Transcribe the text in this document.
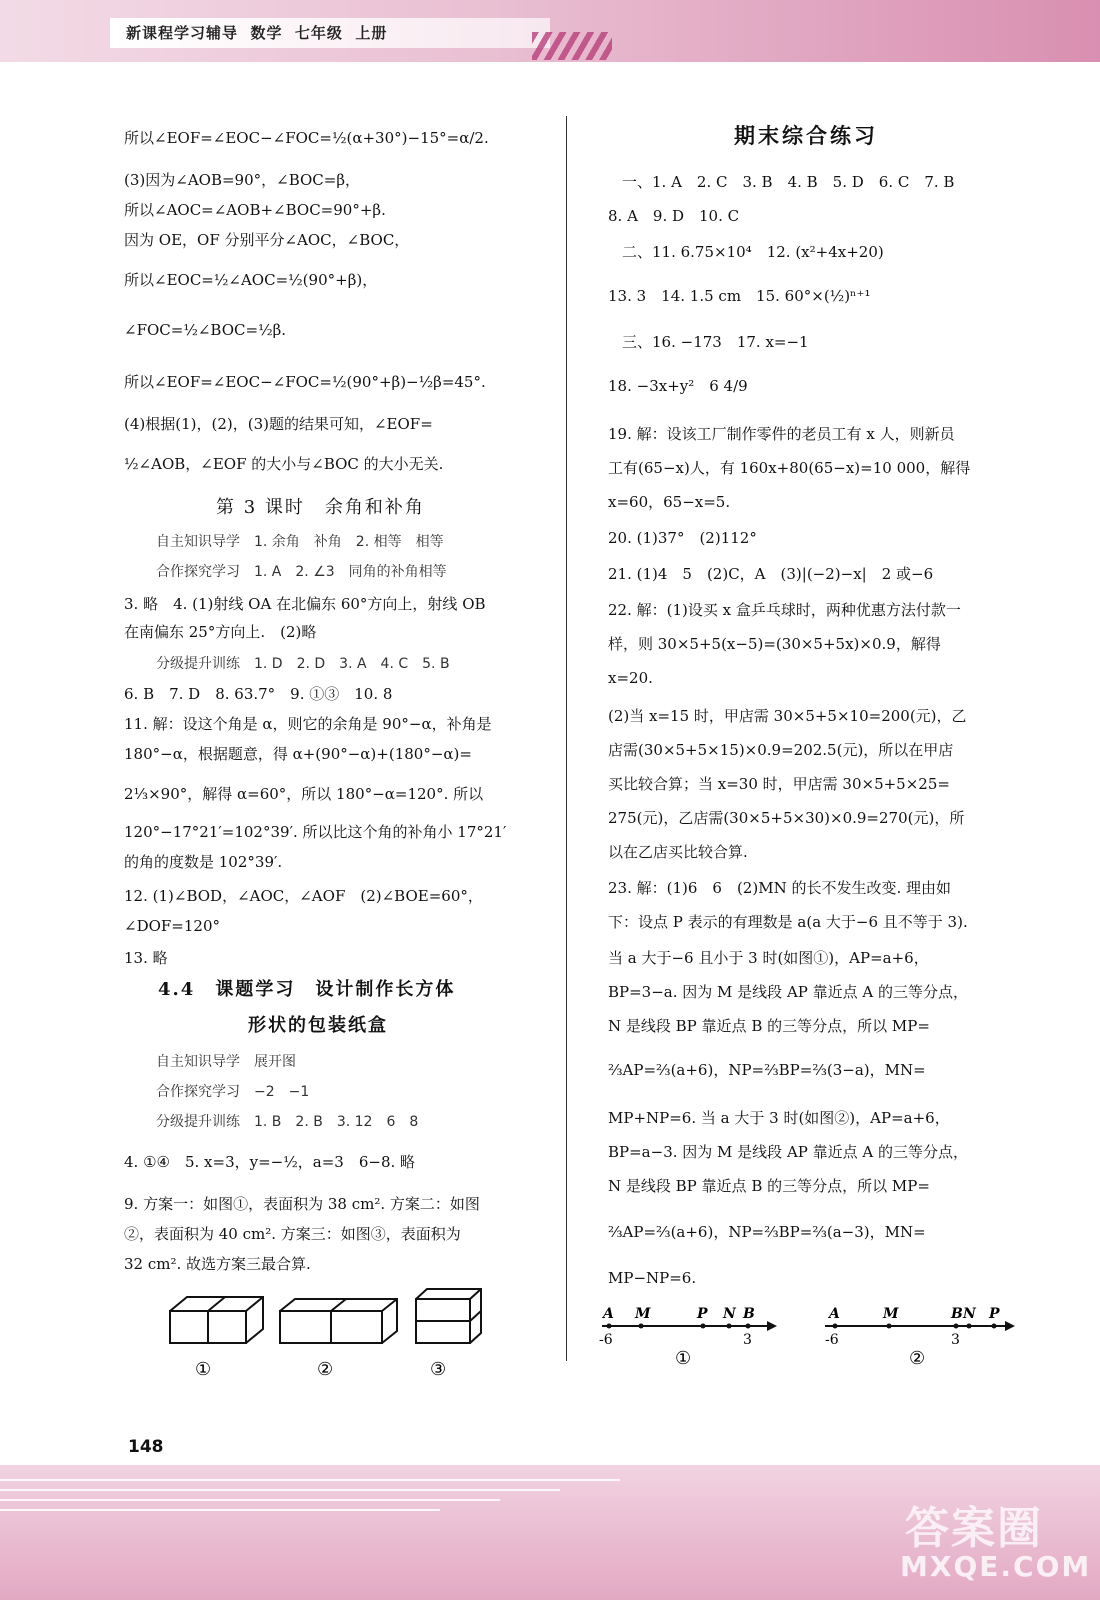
新课程学习辅导  数学  七年级  上册
所以∠EOF=∠EOC−∠FOC=½(α+30°)−15°=α/2.
(3)因为∠AOB=90°，∠BOC=β，
所以∠AOC=∠AOB+∠BOC=90°+β.
因为 OE，OF 分别平分∠AOC，∠BOC，
所以∠EOC=½∠AOC=½(90°+β)，
∠FOC=½∠BOC=½β.
所以∠EOF=∠EOC−∠FOC=½(90°+β)−½β=45°.
(4)根据(1)，(2)，(3)题的结果可知，∠EOF=
½∠AOB，∠EOF 的大小与∠BOC 的大小无关.
第 3 课时　余角和补角
自主知识导学　1. 余角　补角　2. 相等　相等
合作探究学习　1. A　2. ∠3　同角的补角相等
3. 略　4. (1)射线 OA 在北偏东 60°方向上，射线 OB
在南偏东 25°方向上.　(2)略
分级提升训练　1. D　2. D　3. A　4. C　5. B
6. B　7. D　8. 63.7°　9. ①③　10. 8
11. 解：设这个角是 α，则它的余角是 90°−α，补角是
180°−α，根据题意，得 α+(90°−α)+(180°−α)=
2⅓×90°，解得 α=60°，所以 180°−α=120°. 所以
120°−17°21′=102°39′. 所以比这个角的补角小 17°21′
的角的度数是 102°39′.
12. (1)∠BOD，∠AOC，∠AOF　(2)∠BOE=60°，
∠DOF=120°
13. 略
4.4　课题学习　设计制作长方体
形状的包装纸盒
自主知识导学　展开图
合作探究学习　−2　−1
分级提升训练　1. B　2. B　3. 12　6　8
4. ①④　5. x=3，y=−½，a=3　6−8. 略
9. 方案一：如图①，表面积为 38 cm². 方案二：如图
②，表面积为 40 cm². 方案三：如图③，表面积为
32 cm². 故选方案三最合算.
①	②	③
期末综合练习
一、1. A　2. C　3. B　4. B　5. D　6. C　7. B
8. A　9. D　10. C
二、11. 6.75×10⁴　12. (x²+4x+20)
13. 3　14. 1.5 cm　15. 60°×(½)ⁿ⁺¹
三、16. −173　17. x=−1
18. −3x+y²　6 4/9
19. 解：设该工厂制作零件的老员工有 x 人，则新员
工有(65−x)人，有 160x+80(65−x)=10 000，解得
x=60，65−x=5.
20. (1)37°　(2)112°
21. (1)4　5　(2)C，A　(3)|(−2)−x|　2 或−6
22. 解：(1)设买 x 盒乒乓球时，两种优惠方法付款一
样，则 30×5+5(x−5)=(30×5+5x)×0.9，解得
x=20.
(2)当 x=15 时，甲店需 30×5+5×10=200(元)，乙
店需(30×5+5×15)×0.9=202.5(元)，所以在甲店
买比较合算；当 x=30 时，甲店需 30×5+5×25=
275(元)，乙店需(30×5+5×30)×0.9=270(元)，所
以在乙店买比较合算.
23. 解：(1)6　6　(2)MN 的长不发生改变. 理由如
下：设点 P 表示的有理数是 a(a 大于−6 且不等于 3).
当 a 大于−6 且小于 3 时(如图①)，AP=a+6，
BP=3−a. 因为 M 是线段 AP 靠近点 A 的三等分点，
N 是线段 BP 靠近点 B 的三等分点，所以 MP=
⅔AP=⅔(a+6)，NP=⅔BP=⅔(3−a)，MN=
MP+NP=6. 当 a 大于 3 时(如图②)，AP=a+6，
BP=a−3. 因为 M 是线段 AP 靠近点 A 的三等分点，
N 是线段 BP 靠近点 B 的三等分点，所以 MP=
⅔AP=⅔(a+6)，NP=⅔BP=⅔(a−3)，MN=
MP−NP=6.
A M	P N B
-6	3
①
A	M	B N P
-6	3
②
148
答案圈
MXQE.COM
